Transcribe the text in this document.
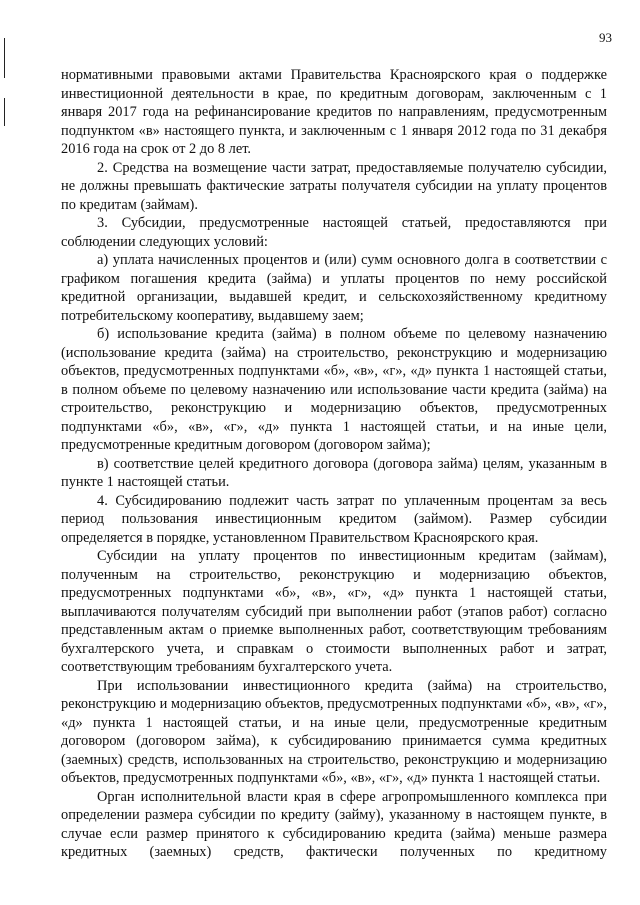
93

нормативными правовыми актами Правительства Красноярского края о поддержке инвестиционной деятельности в крае, по кредитным договорам, заключенным с 1 января 2017 года на рефинансирование кредитов по направлениям, предусмотренным подпунктом «в» настоящего пункта, и заключенным с 1 января 2012 года по 31 декабря 2016 года на срок от 2 до 8 лет.

2. Средства на возмещение части затрат, предоставляемые получателю субсидии, не должны превышать фактические затраты получателя субсидии на уплату процентов по кредитам (займам).

3. Субсидии, предусмотренные настоящей статьей, предоставляются при соблюдении следующих условий:

а) уплата начисленных процентов и (или) сумм основного долга в соответствии с графиком погашения кредита (займа) и уплаты процентов по нему российской кредитной организации, выдавшей кредит, и сельскохозяйственному кредитному потребительскому кооперативу, выдавшему заем;

б) использование кредита (займа) в полном объеме по целевому назначению (использование кредита (займа) на строительство, реконструкцию и модернизацию объектов, предусмотренных подпунктами «б», «в», «г», «д» пункта 1 настоящей статьи, в полном объеме по целевому назначению или использование части кредита (займа) на строительство, реконструкцию и модернизацию объектов, предусмотренных подпунктами «б», «в», «г», «д» пункта 1 настоящей статьи, и на иные цели, предусмотренные кредитным договором (договором займа);

в) соответствие целей кредитного договора (договора займа) целям, указанным в пункте 1 настоящей статьи.

4. Субсидированию подлежит часть затрат по уплаченным процентам за весь период пользования инвестиционным кредитом (займом). Размер субсидии определяется в порядке, установленном Правительством Красноярского края.

Субсидии на уплату процентов по инвестиционным кредитам (займам), полученным на строительство, реконструкцию и модернизацию объектов, предусмотренных подпунктами «б», «в», «г», «д» пункта 1 настоящей статьи, выплачиваются получателям субсидий при выполнении работ (этапов работ) согласно представленным актам о приемке выполненных работ, соответствующим требованиям бухгалтерского учета, и справкам о стоимости выполненных работ и затрат, соответствующим требованиям бухгалтерского учета.

При использовании инвестиционного кредита (займа) на строительство, реконструкцию и модернизацию объектов, предусмотренных подпунктами «б», «в», «г», «д» пункта 1 настоящей статьи, и на иные цели, предусмотренные кредитным договором (договором займа), к субсидированию принимается сумма кредитных (заемных) средств, использованных на строительство, реконструкцию и модернизацию объектов, предусмотренных подпунктами «б», «в», «г», «д» пункта 1 настоящей статьи.

Орган исполнительной власти края в сфере агропромышленного комплекса при определении размера субсидии по кредиту (займу), указанному в настоящем пункте, в случае если размер принятого к субсидированию кредита (займа) меньше размера кредитных (заемных) средств, фактически полученных по кредитному
